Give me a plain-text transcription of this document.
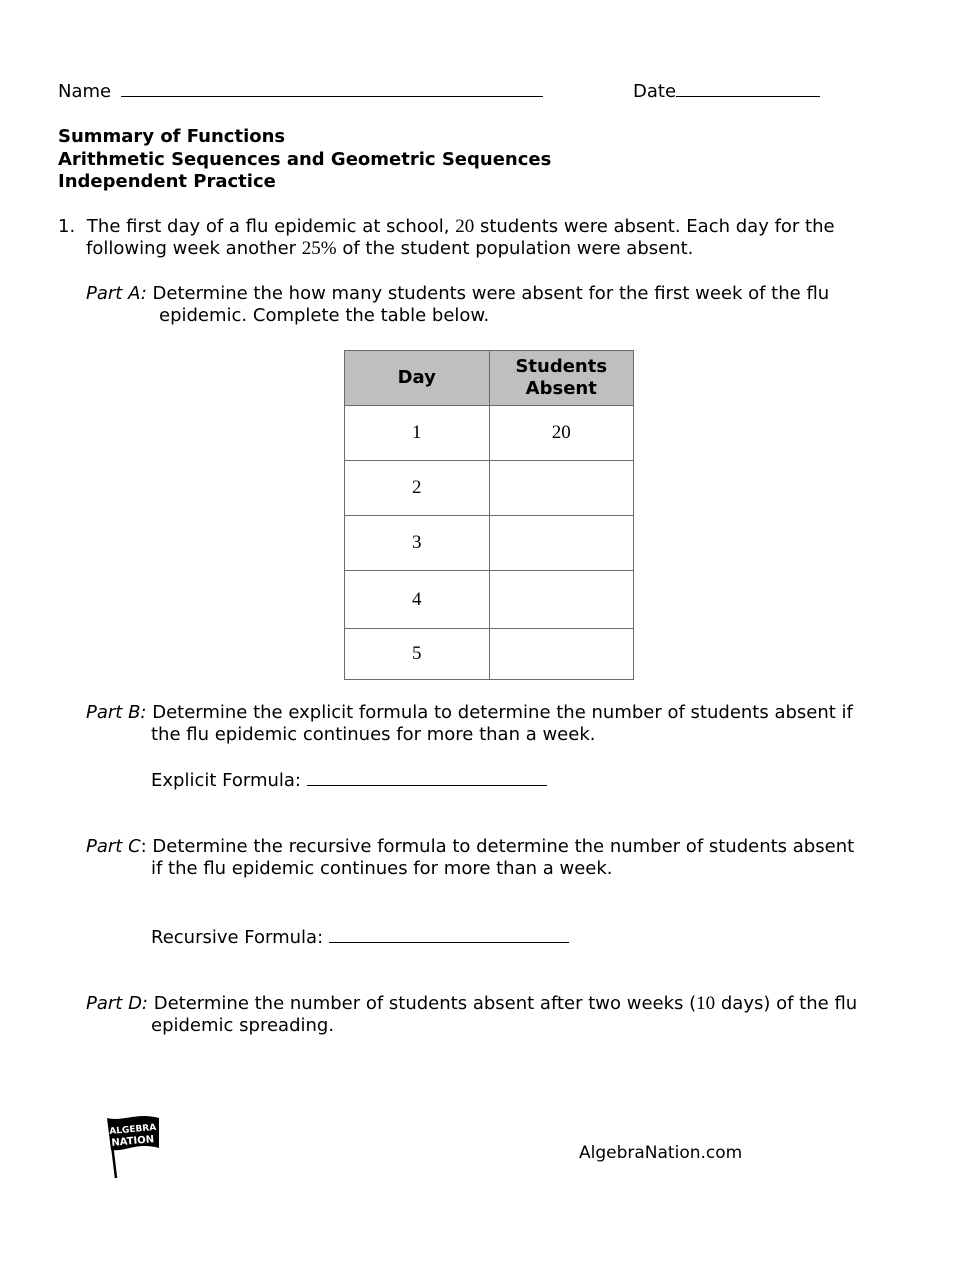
Name	Date
Summary of Functions
Arithmetic Sequences and Geometric Sequences
Independent Practice
1. The first day of a flu epidemic at school, 20 students were absent. Each day for the
following week another 25% of the student population were absent.
Part A: Determine the how many students were absent for the first week of the flu
epidemic. Complete the table below.
Day	Students
Absent
1	20
2	
3	
4	
5	
Part B: Determine the explicit formula to determine the number of students absent if
the flu epidemic continues for more than a week.
Explicit Formula:
Part C: Determine the recursive formula to determine the number of students absent
if the flu epidemic continues for more than a week.
Recursive Formula:
Part D: Determine the number of students absent after two weeks (10 days) of the flu
epidemic spreading.
ALGEBRA
NATION
AlgebraNation.com
